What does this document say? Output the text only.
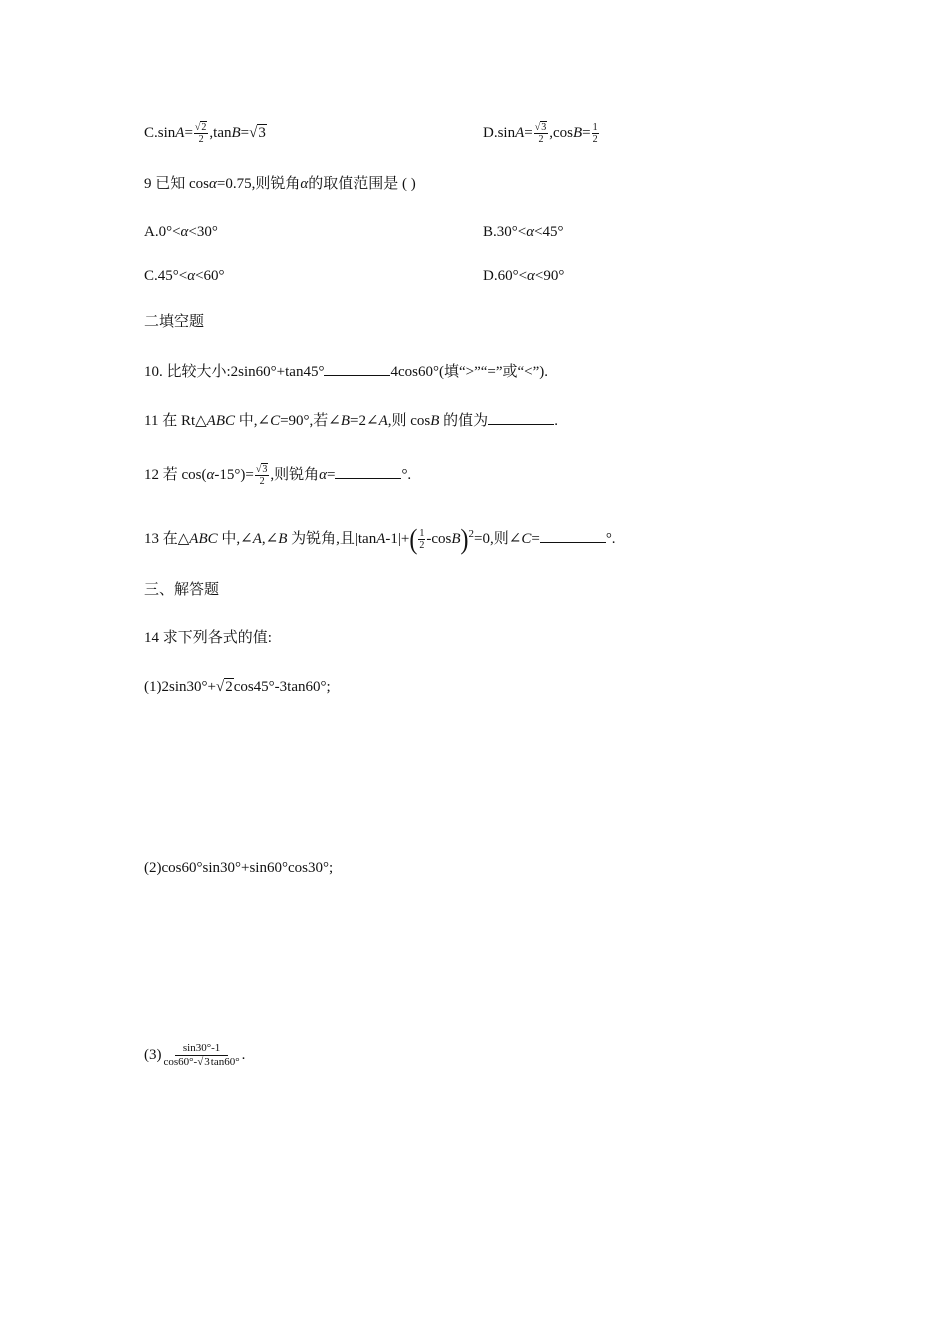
$C.\sin A= \frac{√2}{2} ,\tan B=√3$	$D.\sin A= \frac{√3}{2} ,\cos B= \frac{1}{2}$
9 已知 cosα=0.75,则锐角α的取值范围是 ( )
A.0°<α<30°	B.30°<α<45°
C.45°<α<60°	D.60°<α<90°
二填空题
10. 比较大小:2sin60°+tan45°	4cos60°(填“>”“=”或“<”).
11 在 Rt△ABC 中,∠C=90°,若∠B=2∠A,则 cosB 的值为	.
12 若 $\cos(\alpha-15^\circ)= \frac{√3}{2}$ ,则锐角α=	°.
13 在△ABC 中,∠A,∠B 为锐角,且$|\tan A-1|+( \frac{1}{2} -\cos B)^2=0$,则∠C=	°.
三、解答题
14 求下列各式的值:
(1)2sin30°+√2cos45°-3tan60°;
(2)cos60°sin30°+sin60°cos30°;
$(3) \frac{\sin 30^\circ-1}{\cos 60^\circ-√3\tan 60^\circ}$ .
